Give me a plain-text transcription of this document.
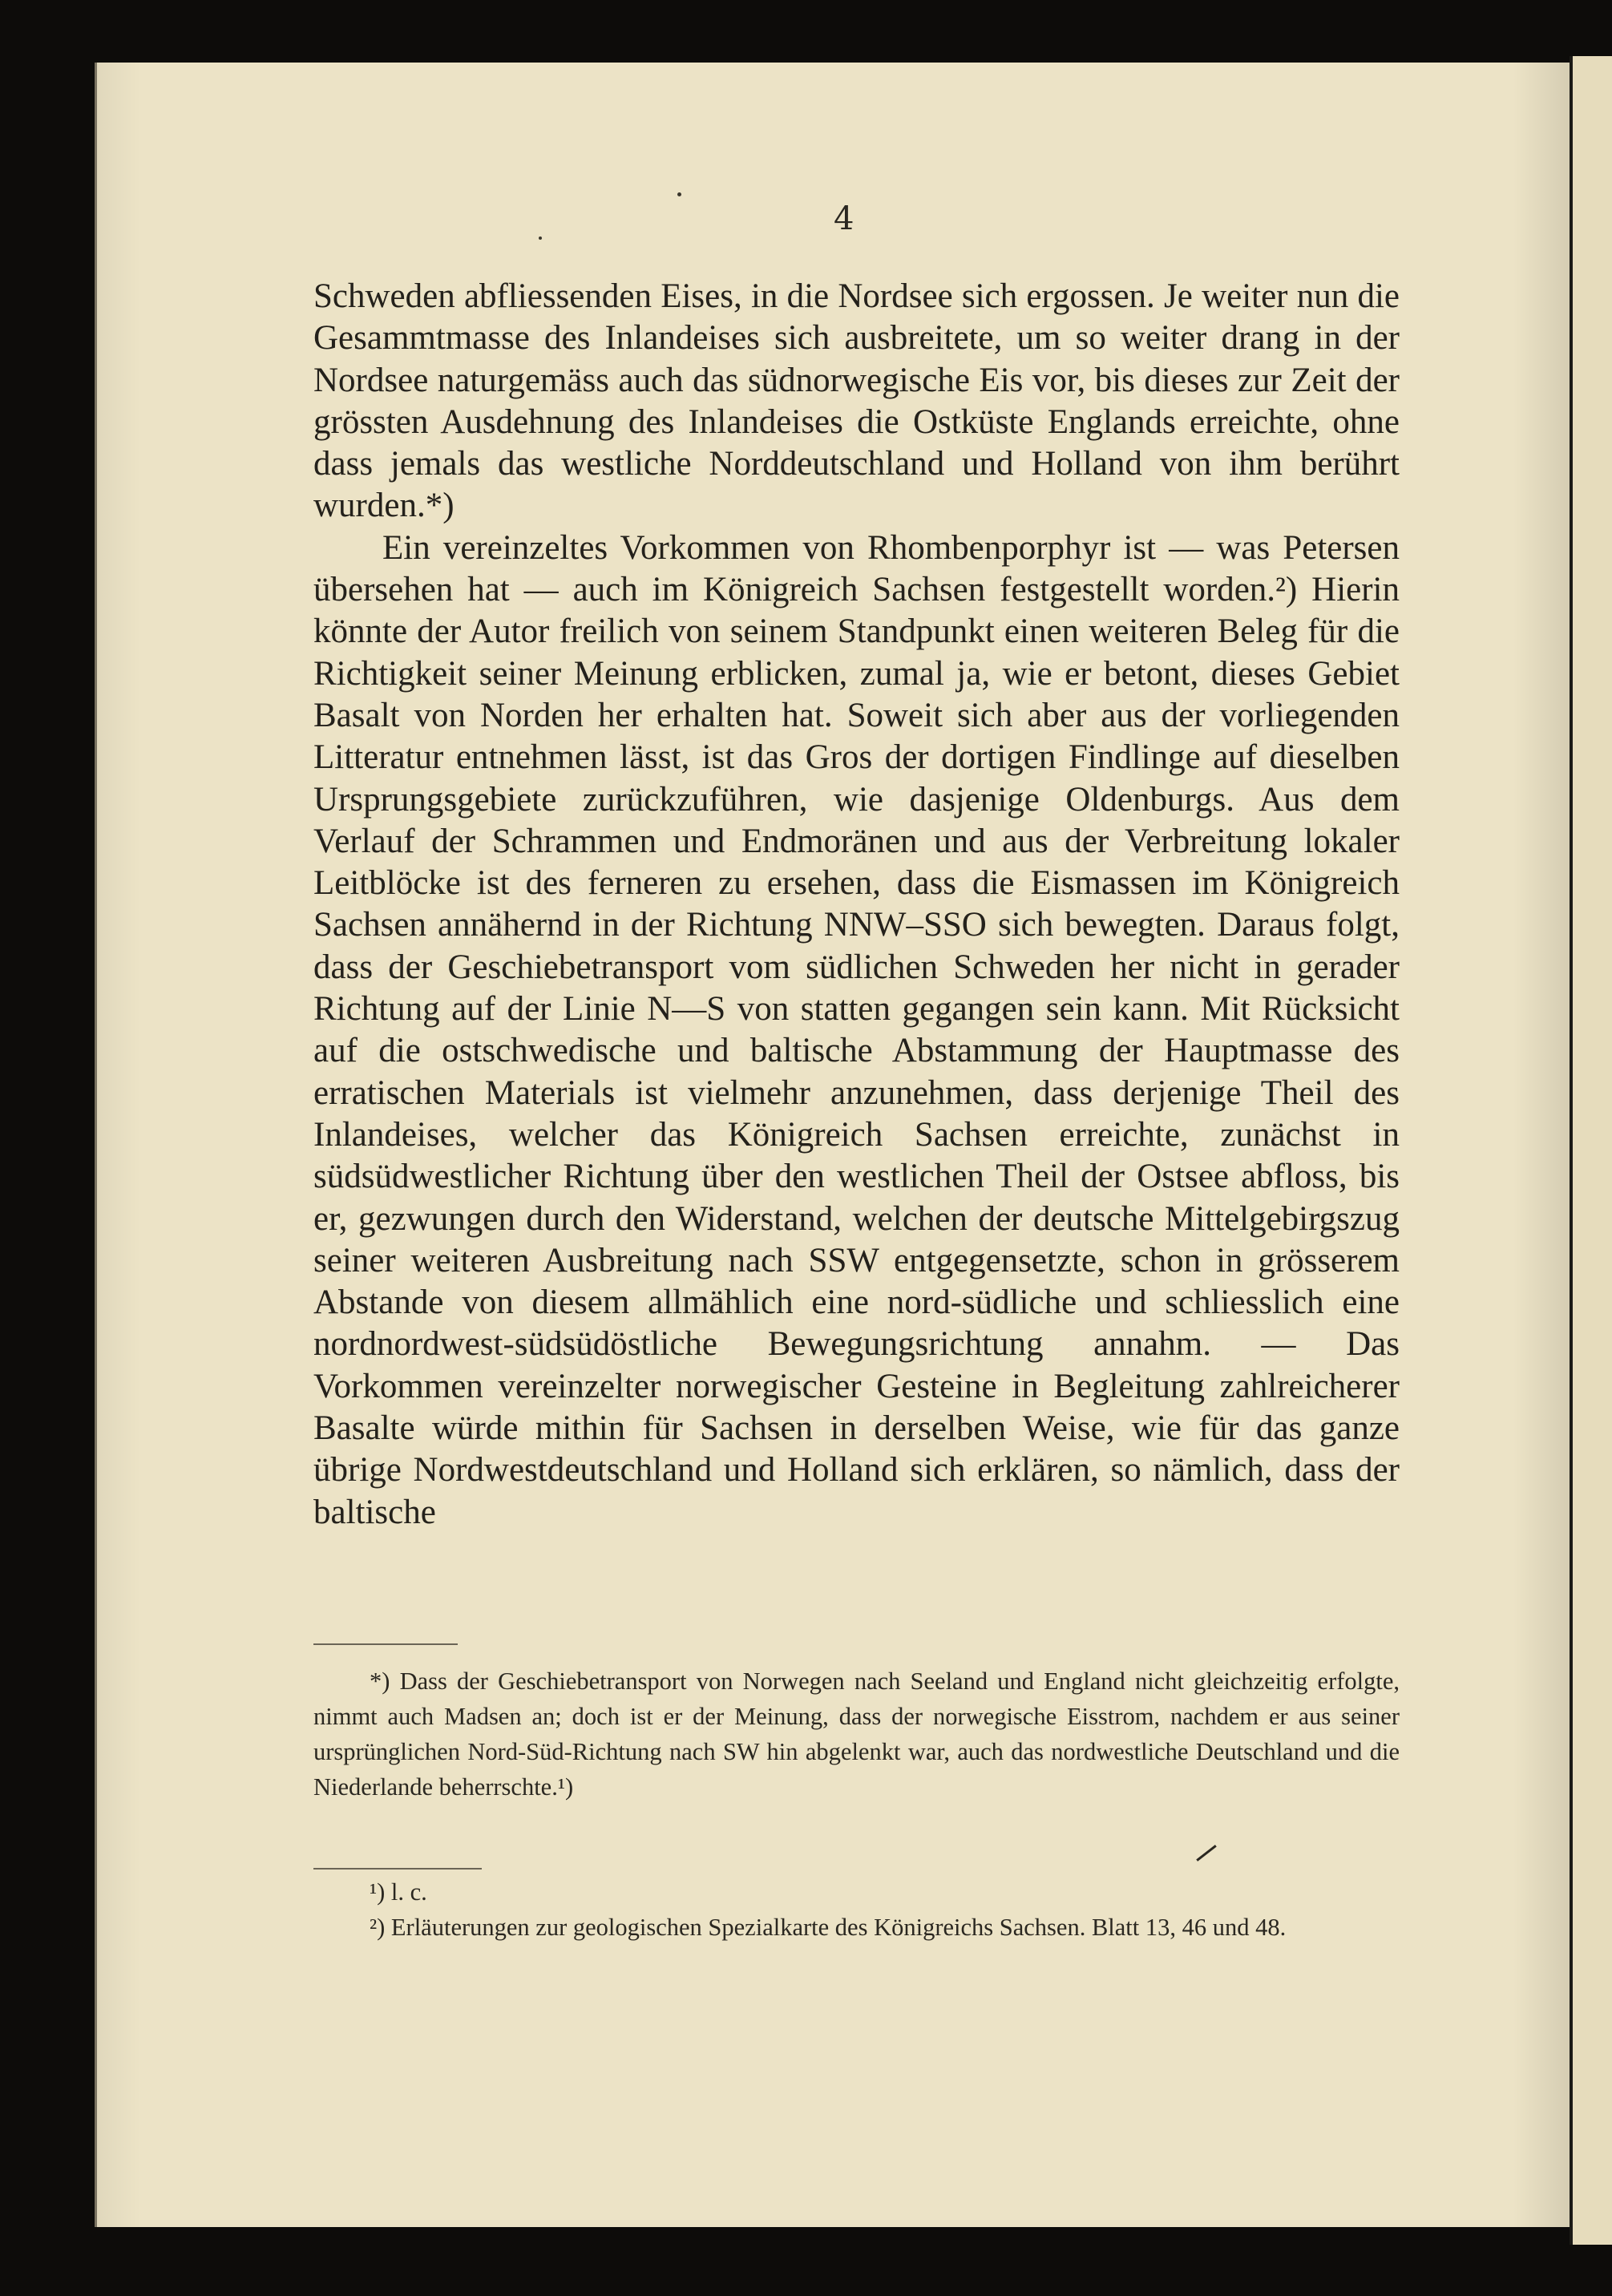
4

Schweden abfliessenden Eises, in die Nordsee sich ergossen. Je weiter nun die Gesammtmasse des Inlandeises sich ausbreitete, um so weiter drang in der Nordsee naturgemäss auch das südnorwegische Eis vor, bis dieses zur Zeit der grössten Ausdehnung des Inlandeises die Ostküste Englands erreichte, ohne dass jemals das westliche Norddeutschland und Holland von ihm berührt wurden.*)

Ein vereinzeltes Vorkommen von Rhombenporphyr ist — was Petersen übersehen hat — auch im Königreich Sachsen festgestellt worden.²) Hierin könnte der Autor freilich von seinem Standpunkt einen weiteren Beleg für die Richtigkeit seiner Meinung erblicken, zumal ja, wie er betont, dieses Gebiet Basalt von Norden her erhalten hat. Soweit sich aber aus der vorliegenden Litteratur entnehmen lässt, ist das Gros der dortigen Findlinge auf dieselben Ursprungsgebiete zurückzuführen, wie dasjenige Oldenburgs. Aus dem Verlauf der Schrammen und Endmoränen und aus der Verbreitung lokaler Leitblöcke ist des ferneren zu ersehen, dass die Eismassen im Königreich Sachsen annähernd in der Richtung NNW–SSO sich bewegten. Daraus folgt, dass der Geschiebetransport vom südlichen Schweden her nicht in gerader Richtung auf der Linie N—S von statten gegangen sein kann. Mit Rücksicht auf die ostschwedische und baltische Abstammung der Hauptmasse des erratischen Materials ist vielmehr anzunehmen, dass derjenige Theil des Inlandeises, welcher das Königreich Sachsen erreichte, zunächst in südsüdwestlicher Richtung über den westlichen Theil der Ostsee abfloss, bis er, gezwungen durch den Widerstand, welchen der deutsche Mittelgebirgszug seiner weiteren Ausbreitung nach SSW entgegensetzte, schon in grösserem Abstande von diesem allmählich eine nord-südliche und schliesslich eine nordnordwest-südsüdöstliche Bewegungsrichtung annahm. — Das Vorkommen vereinzelter norwegischer Gesteine in Begleitung zahlreicherer Basalte würde mithin für Sachsen in derselben Weise, wie für das ganze übrige Nordwestdeutschland und Holland sich erklären, so nämlich, dass der baltische

*) Dass der Geschiebetransport von Norwegen nach Seeland und England nicht gleichzeitig erfolgte, nimmt auch Madsen an; doch ist er der Meinung, dass der norwegische Eisstrom, nachdem er aus seiner ursprünglichen Nord-Süd-Richtung nach SW hin abgelenkt war, auch das nordwestliche Deutschland und die Niederlande beherrschte.¹)
¹) l. c.
²) Erläuterungen zur geologischen Spezialkarte des Königreichs Sachsen. Blatt 13, 46 und 48.
